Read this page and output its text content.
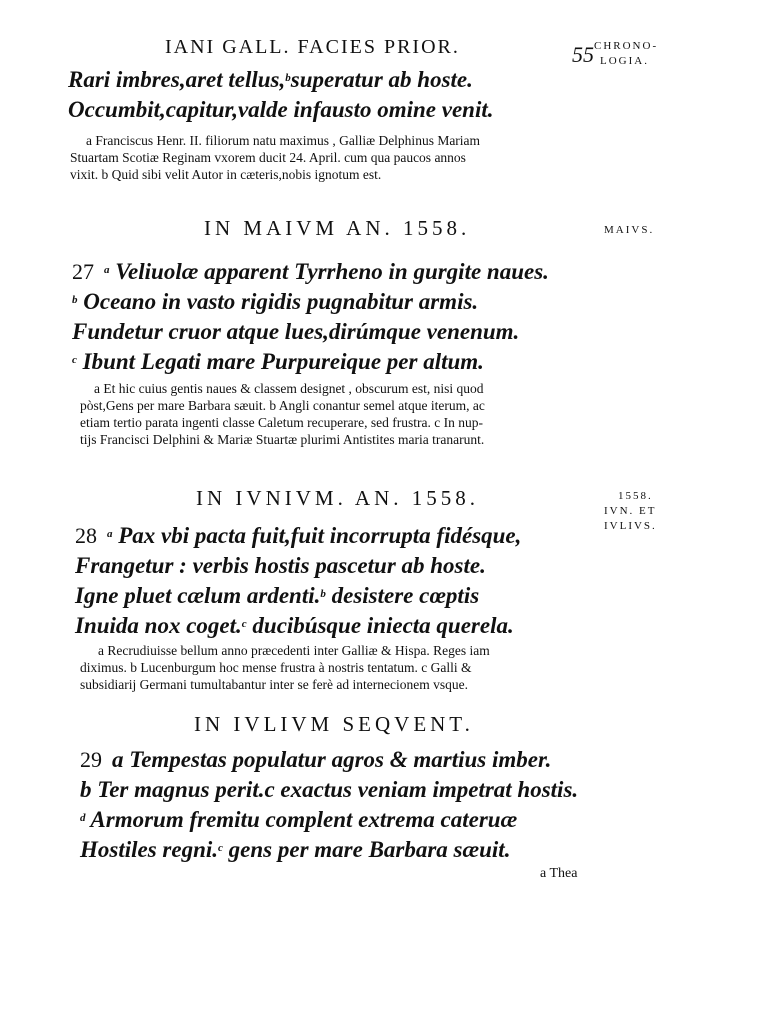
IANI GALL. FACIES PRIOR.	55 CHRONO-
LOGIA.
Rari imbres,aret tellus,$^b$superatur ab hoste.
Occumbit,capitur,valde infausto omine venit.
a Franciscus Henr. II. filiorum natu maximus , Galliæ Delphinus Mariam
Stuartam Scotiæ Reginam vxorem ducit 24. April. cum qua paucos annos
vixit. b Quid sibi velit Autor in cæteris,nobis ignotum est.
IN MAIVM AN. 1558.	MAIVS.
27 $^a$ Veliuolæ apparent Tyrrheno in gurgite naues.
$^b$ Oceano in vasto rigidis pugnabitur armis.
Fundetur cruor atque lues,dirúmque venenum.
$^c$ Ibunt Legati mare Purpureique per altum.
a Et hic cuius gentis naues & classem designet , obscurum est, nisi quod
pòst,Gens per mare Barbara sæuit. b Angli conantur semel atque iterum, ac
etiam tertio parata ingenti classe Caletum recuperare, sed frustra. c In nup-
tijs Francisci Delphini & Mariæ Stuartæ plurimi Antistites maria tranarunt.
IN IVNIVM. AN. 1558.	1558.
IVN. ET
IVLIVS.
28 $^a$ Pax vbi pacta fuit,fuit incorrupta fidésque,
Frangetur : verbis hostis pascetur ab hoste.
Igne pluet cælum ardenti.$^b$ desistere cœptis
Inuida nox coget.$^c$ ducibúsque iniecta querela.
a Recrudiuisse bellum anno præcedenti inter Galliæ & Hispa. Reges iam
diximus. b Lucenburgum hoc mense frustra à nostris tentatum. c Galli &
subsidiarij Germani tumultabantur inter se ferè ad internecionem vsque.
IN IVLIVM SEQVENT.
29 a Tempestas populatur agros & martius imber.
b Ter magnus perit.c exactus veniam impetrat hostis.
$^d$ Armorum fremitu complent extrema cateruæ
Hostiles regni.$^c$ gens per mare Barbara sæuit.
a Thea
